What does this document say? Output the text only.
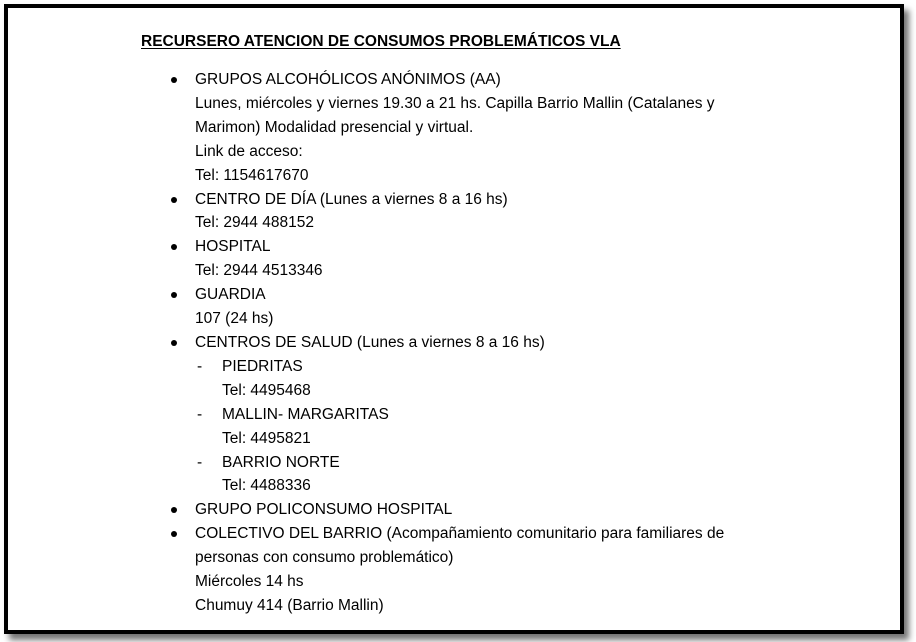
RECURSERO ATENCION DE CONSUMOS PROBLEMÁTICOS VLA
GRUPOS ALCOHÓLICOS ANÓNIMOS (AA)
Lunes, miércoles y viernes 19.30 a 21 hs. Capilla Barrio Mallin (Catalanes y
Marimon) Modalidad presencial y virtual.
Link de acceso:
Tel: 1154617670
CENTRO DE DÍA (Lunes a viernes 8 a 16 hs)
Tel: 2944 488152
HOSPITAL
Tel: 2944 4513346
GUARDIA
107 (24 hs)
CENTROS DE SALUD (Lunes a viernes 8 a 16 hs)
- PIEDRITAS
Tel: 4495468
- MALLIN- MARGARITAS
Tel: 4495821
- BARRIO NORTE
Tel: 4488336
GRUPO POLICONSUMO HOSPITAL
COLECTIVO DEL BARRIO (Acompañamiento comunitario para familiares de
personas con consumo problemático)
Miércoles 14 hs
Chumuy 414 (Barrio Mallin)
